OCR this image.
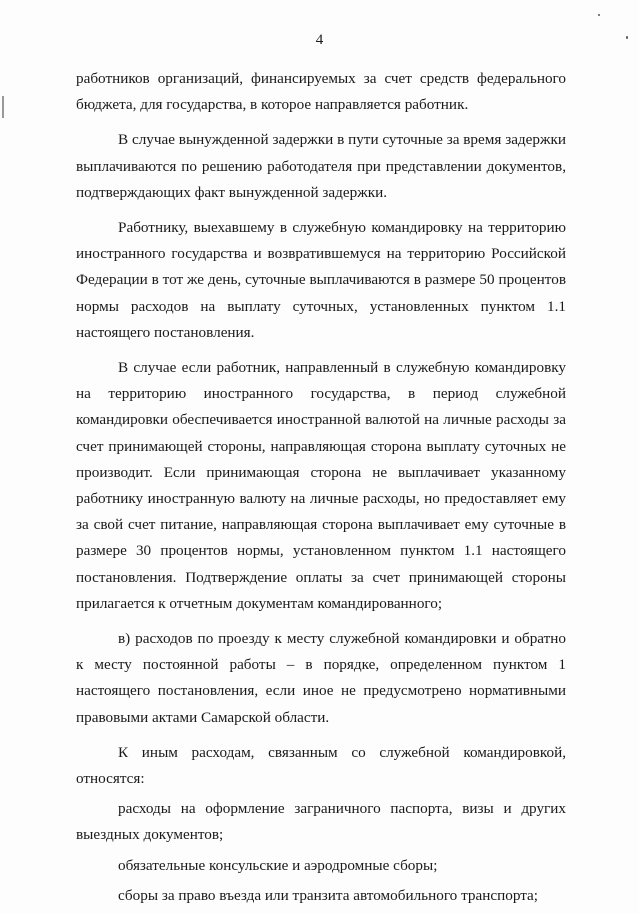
4

работников организаций, финансируемых за счет средств федерального бюджета, для государства, в которое направляется работник.

В случае вынужденной задержки в пути суточные за время задержки выплачиваются по решению работодателя при представлении документов, подтверждающих факт вынужденной задержки.

Работнику, выехавшему в служебную командировку на территорию иностранного государства и возвратившемуся на территорию Российской Федерации в тот же день, суточные выплачиваются в размере 50 процентов нормы расходов на выплату суточных, установленных пунктом 1.1 настоящего постановления.

В случае если работник, направленный в служебную командировку на территорию иностранного государства, в период служебной командировки обеспечивается иностранной валютой на личные расходы за счет принимающей стороны, направляющая сторона выплату суточных не производит. Если принимающая сторона не выплачивает указанному работнику иностранную валюту на личные расходы, но предоставляет ему за свой счет питание, направляющая сторона выплачивает ему суточные в размере 30 процентов нормы, установленном пунктом 1.1 настоящего постановления. Подтверждение оплаты за счет принимающей стороны прилагается к отчетным документам командированного;

в) расходов по проезду к месту служебной командировки и обратно к месту постоянной работы – в порядке, определенном пунктом 1 настоящего постановления, если иное не предусмотрено нормативными правовыми актами Самарской области.

К иным расходам, связанным со служебной командировкой, относятся:

расходы на оформление заграничного паспорта, визы и других выездных документов;

обязательные консульские и аэродромные сборы;

сборы за право въезда или транзита автомобильного транспорта;
